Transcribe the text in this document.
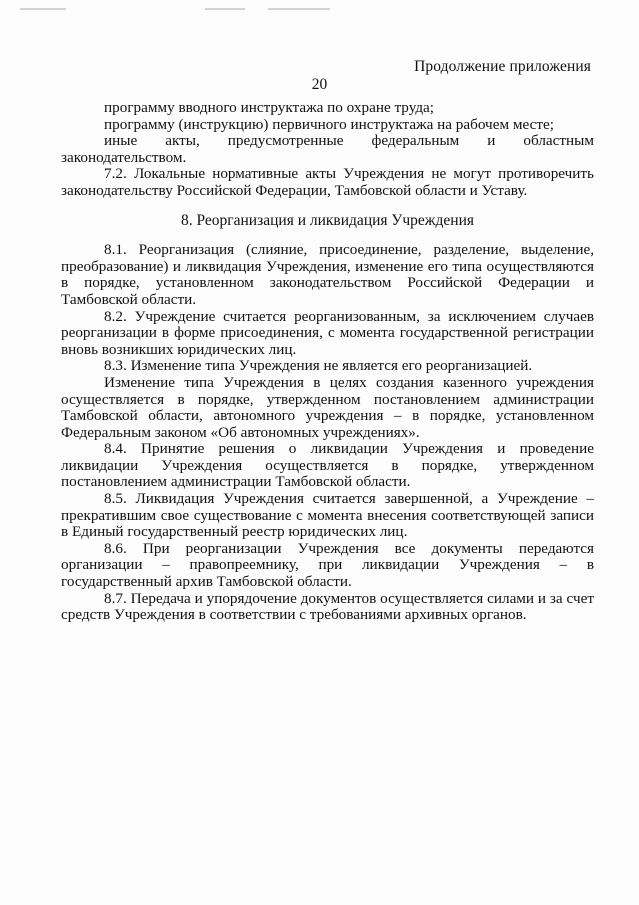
Продолжение приложения
20

программу вводного инструктажа по охране труда;

программу (инструкцию) первичного инструктажа на рабочем месте;

иные акты, предусмотренные федеральным и областным законодательством.

7.2. Локальные нормативные акты Учреждения не могут противоречить законодательству Российской Федерации, Тамбовской области и Уставу.

8. Реорганизация и ликвидация Учреждения

8.1. Реорганизация (слияние, присоединение, разделение, выделение, преобразование) и ликвидация Учреждения, изменение его типа осуществляются в порядке, установленном законодательством Российской Федерации и Тамбовской области.

8.2. Учреждение считается реорганизованным, за исключением случаев реорганизации в форме присоединения, с момента государственной регистрации вновь возникших юридических лиц.

8.3. Изменение типа Учреждения не является его реорганизацией.

Изменение типа Учреждения в целях создания казенного учреждения осуществляется в порядке, утвержденном постановлением администрации Тамбовской области, автономного учреждения – в порядке, установленном Федеральным законом «Об автономных учреждениях».

8.4. Принятие решения о ликвидации Учреждения и проведение ликвидации Учреждения осуществляется в порядке, утвержденном постановлением администрации Тамбовской области.

8.5. Ликвидация Учреждения считается завершенной, а Учреждение – прекратившим свое существование с момента внесения соответствующей записи в Единый государственный реестр юридических лиц.

8.6. При реорганизации Учреждения все документы передаются организации – правопреемнику, при ликвидации Учреждения – в государственный архив Тамбовской области.

8.7. Передача и упорядочение документов осуществляется силами и за счет средств Учреждения в соответствии с требованиями архивных органов.
